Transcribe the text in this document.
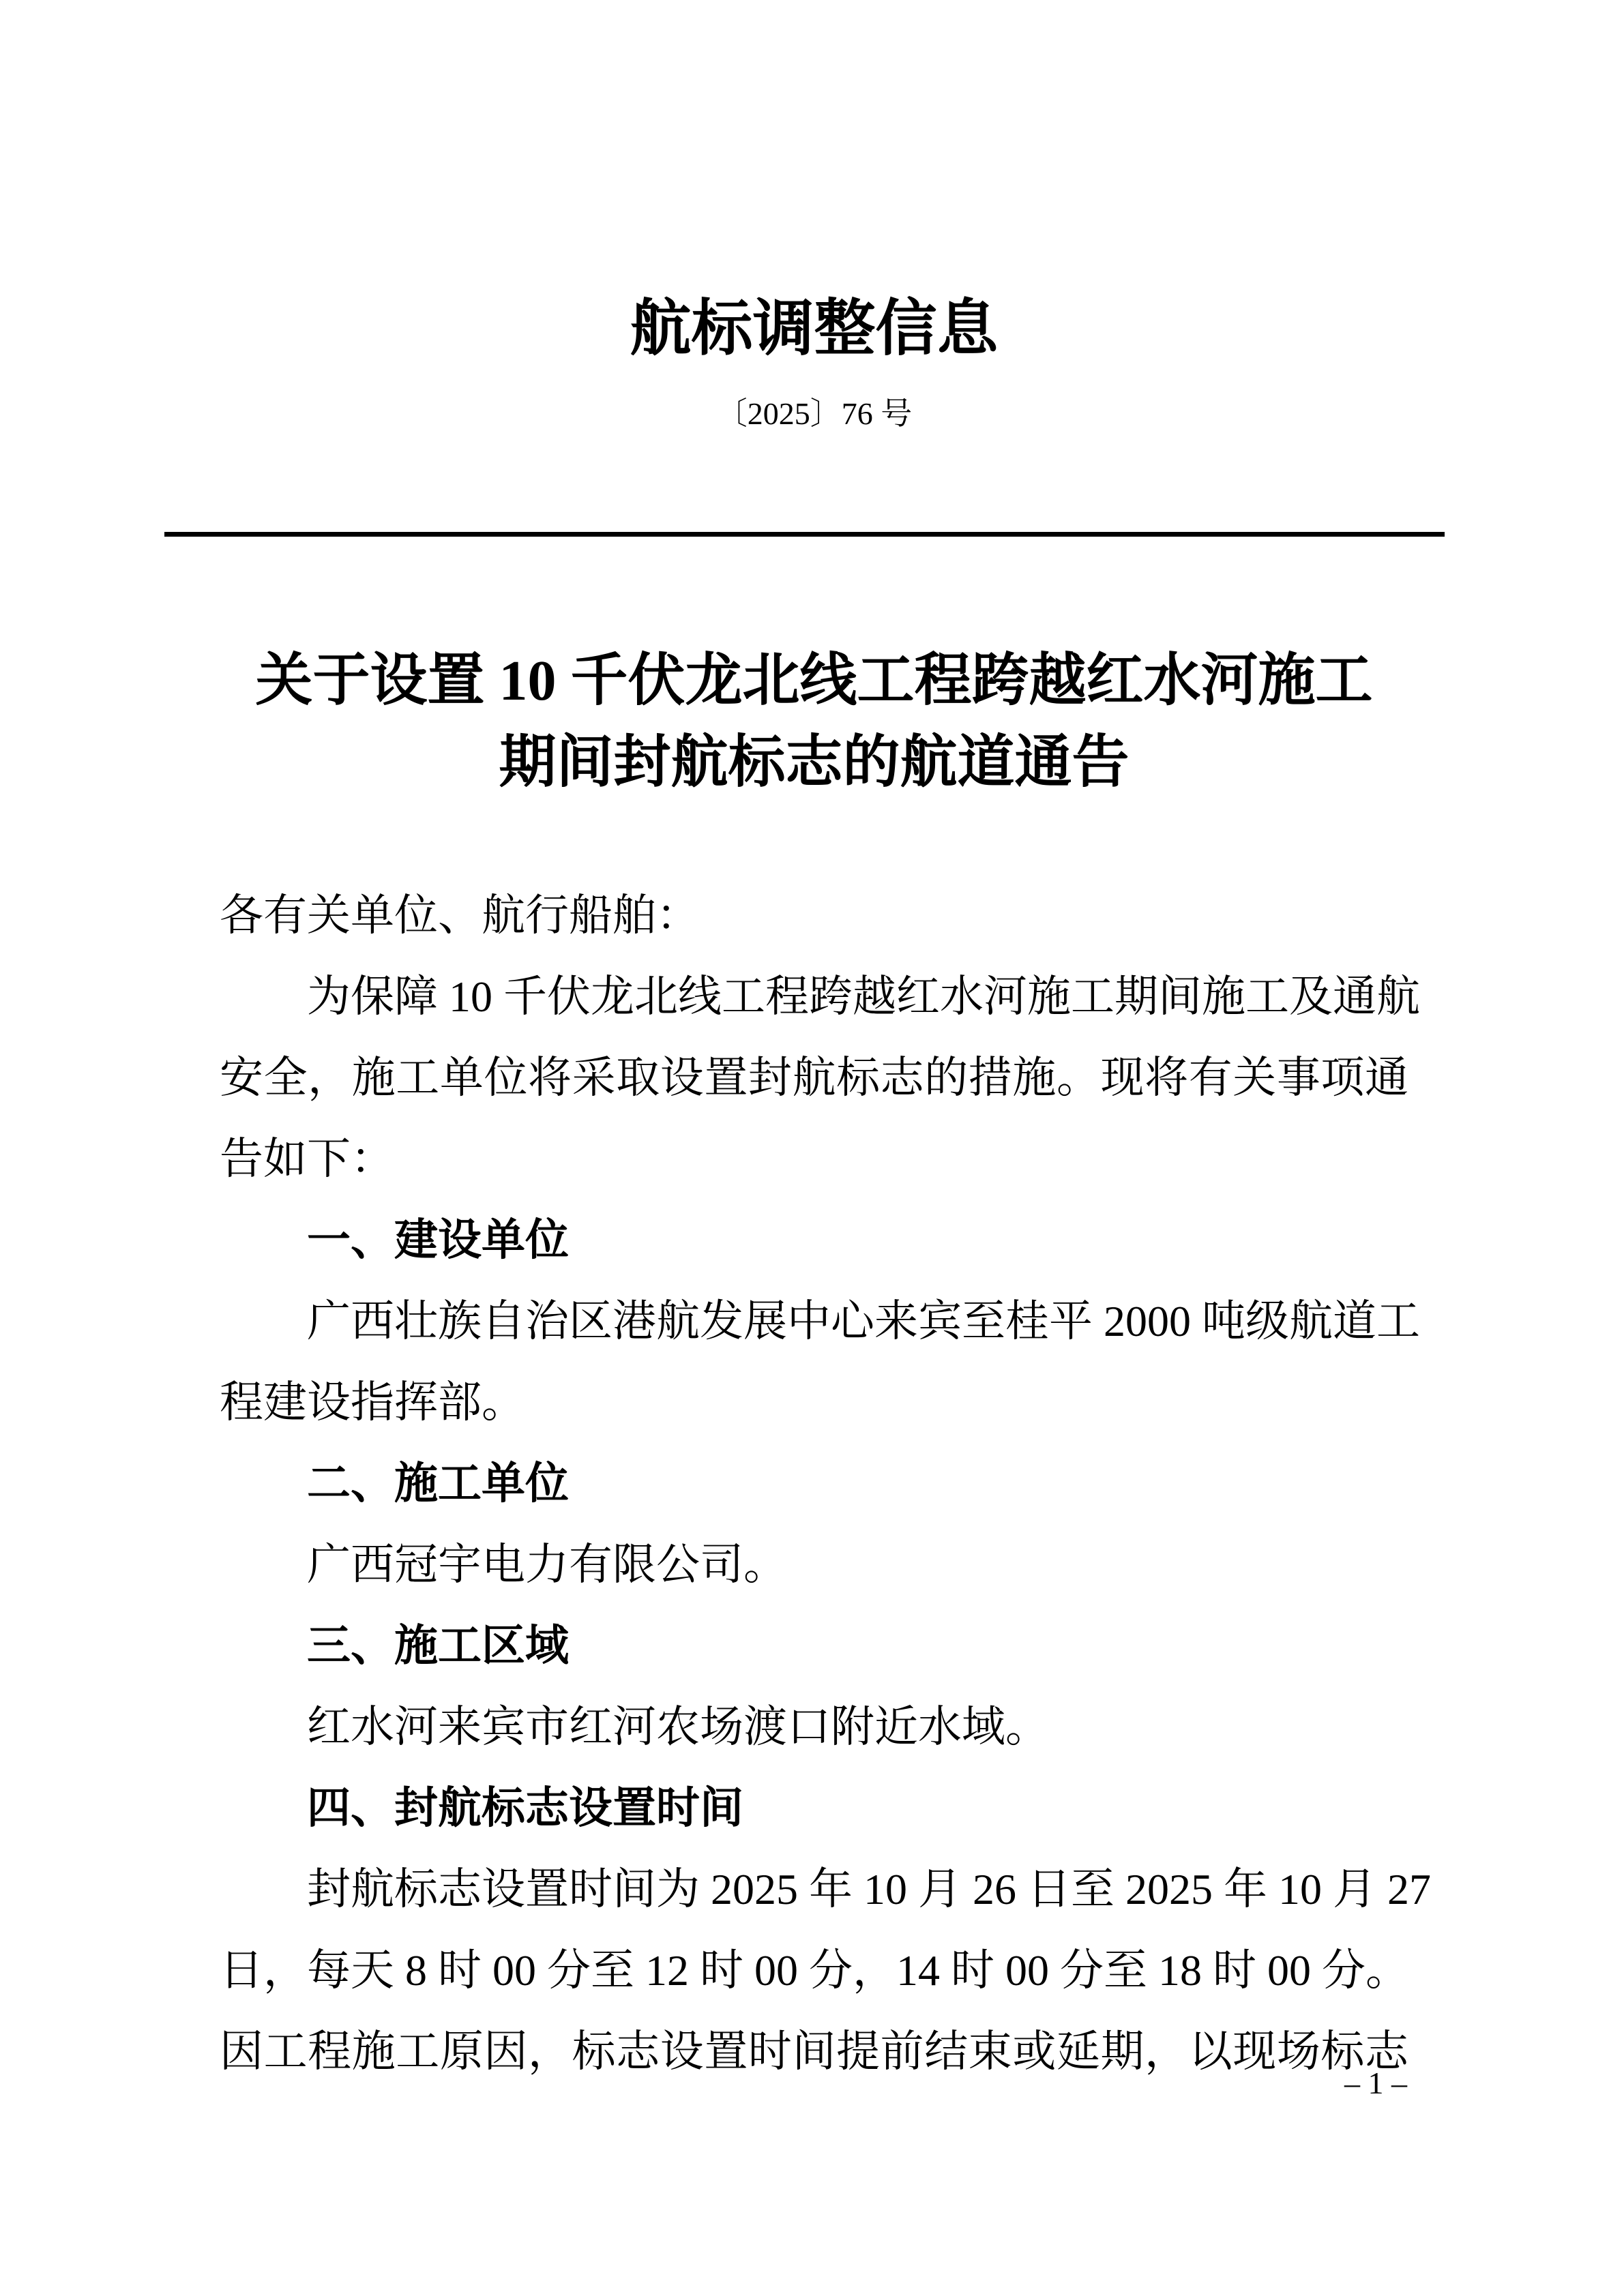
航标调整信息
〔2025〕76 号
关于设置 10 千伏龙北线工程跨越红水河施工
期间封航标志的航道通告
各有关单位、航行船舶：
为保障 10 千伏龙北线工程跨越红水河施工期间施工及通航
安全，施工单位将采取设置封航标志的措施。现将有关事项通
告如下：
一、建设单位
广西壮族自治区港航发展中心来宾至桂平 2000 吨级航道工
程建设指挥部。
二、施工单位
广西冠宇电力有限公司。
三、施工区域
红水河来宾市红河农场渡口附近水域。
四、封航标志设置时间
封航标志设置时间为 2025 年 10 月 26 日至 2025 年 10 月 27
日，每天 8 时 00 分至 12 时 00 分，14 时 00 分至 18 时 00 分。
因工程施工原因，标志设置时间提前结束或延期，以现场标志
– 1 –
